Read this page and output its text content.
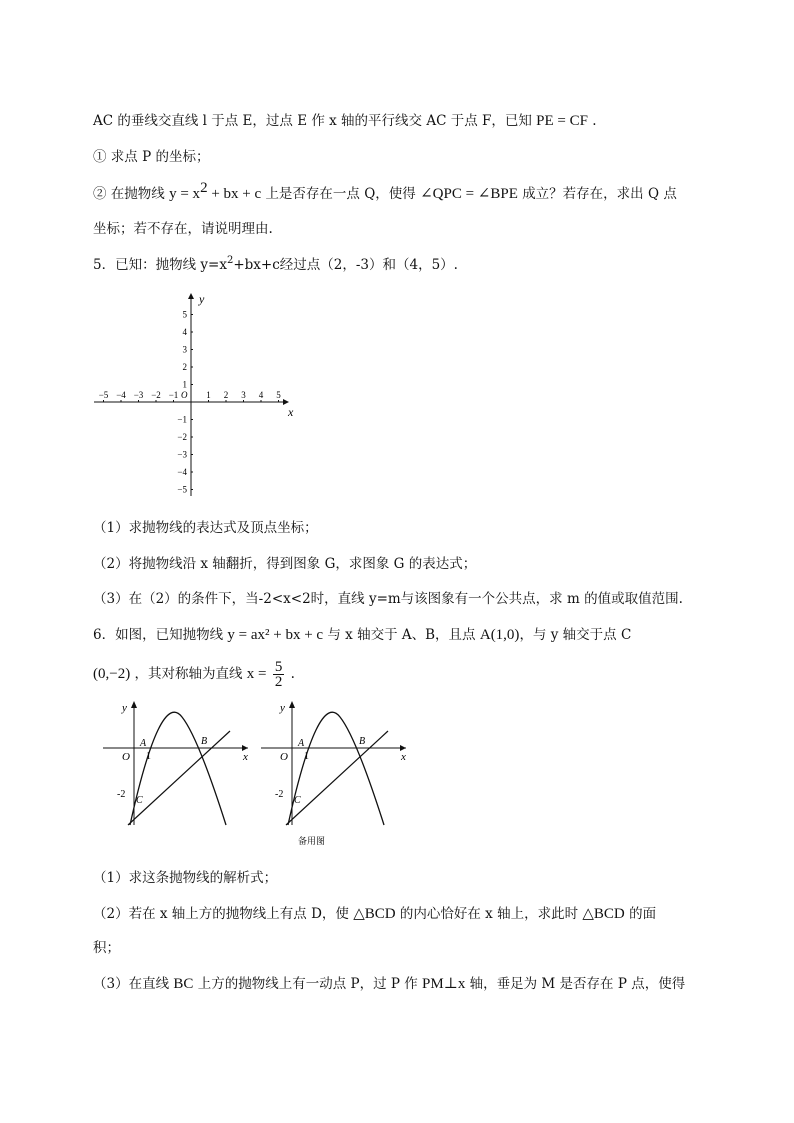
AC 的垂线交直线 l 于点 E，过点 E 作 x 轴的平行线交 AC 于点 F，已知 PE = CF .
① 求点 P 的坐标；
② 在抛物线 $y = x^2$ + bx + c 上是否存在一点 Q，使得 ∠QPC = ∠BPE 成立？若存在，求出 Q 点
坐标；若不存在，请说明理由.
5．已知：抛物线 $y=x^2+bx+c$经过点（2，-3）和（4，5）.
−5 −4 −3 −2 −1	1 2 3 4 5
5
4
3
2
1
−1
−2
−3
−4
−5
y
x
O
（1）求抛物线的表达式及顶点坐标；
（2）将抛物线沿 x 轴翻折，得到图象 G，求图象 G 的表达式；
（3）在（2）的条件下，当-2<x<2时，直线 y=m与该图象有一个公共点，求 m 的值或取值范围.
6．如图，已知抛物线 y = ax² + bx + c 与 x 轴交于 A、B，且点 A(1,0)，与 y 轴交于点 C
(0,−2) ，其对称轴为直线 $x = \frac{5}{2}$ .
y
x
O
A
1
B
-2
C
y
x
O
A
1
B
-2
C
备用图
（1）求这条抛物线的解析式；
（2）若在 x 轴上方的抛物线上有点 D，使 △BCD 的内心恰好在 x 轴上，求此时 △BCD 的面
积；
（3）在直线 BC 上方的抛物线上有一动点 P，过 P 作 PM⊥x 轴，垂足为 M 是否存在 P 点，使得
